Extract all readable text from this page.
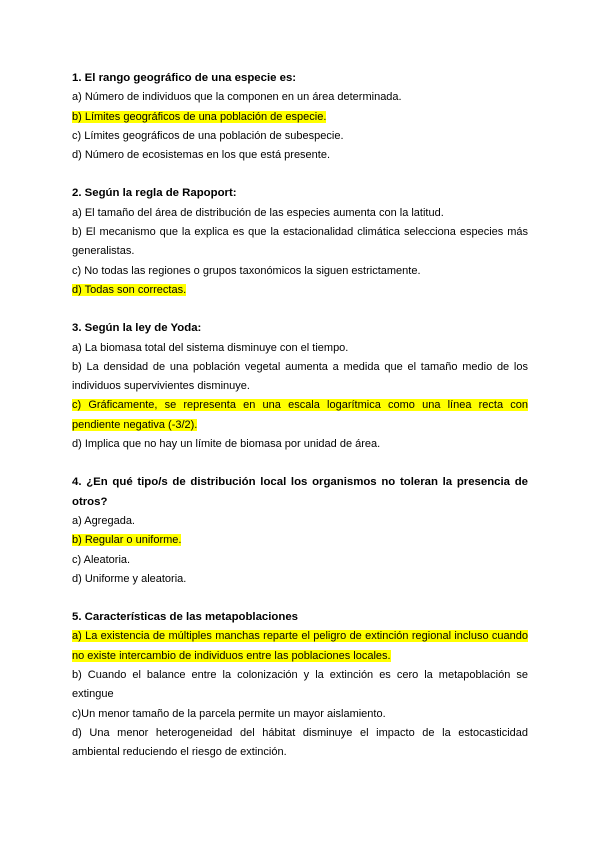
1. El rango geográfico de una especie es:

a) Número de individuos que la componen en un área determinada.

b) Límites geográficos de una población de especie.

c) Límites geográficos de una población de subespecie.

d) Número de ecosistemas en los que está presente.

2. Según la regla de Rapoport:

a) El tamaño del área de distribución de las especies aumenta con la latitud.

b) El mecanismo que la explica es que la estacionalidad climática selecciona especies más generalistas.

c) No todas las regiones o grupos taxonómicos la siguen estrictamente.

d) Todas son correctas.

3. Según la ley de Yoda:

a) La biomasa total del sistema disminuye con el tiempo.

b) La densidad de una población vegetal aumenta a medida que el tamaño medio de los individuos supervivientes disminuye.

c) Gráficamente, se representa en una escala logarítmica como una línea recta con pendiente negativa (-3/2).

d) Implica que no hay un límite de biomasa por unidad de área.

4. ¿En qué tipo/s de distribución local los organismos no toleran la presencia de otros?

a) Agregada.

b) Regular o uniforme.

c) Aleatoria.

d) Uniforme y aleatoria.

5. Características de las metapoblaciones

a) La existencia de múltiples manchas reparte el peligro de extinción regional incluso cuando no existe intercambio de individuos entre las poblaciones locales.

b) Cuando el balance entre la colonización y la extinción es cero la metapoblación se extingue

c)Un menor tamaño de la parcela permite un mayor aislamiento.

d) Una menor heterogeneidad del hábitat disminuye el impacto de la estocasticidad ambiental reduciendo el riesgo de extinción.
